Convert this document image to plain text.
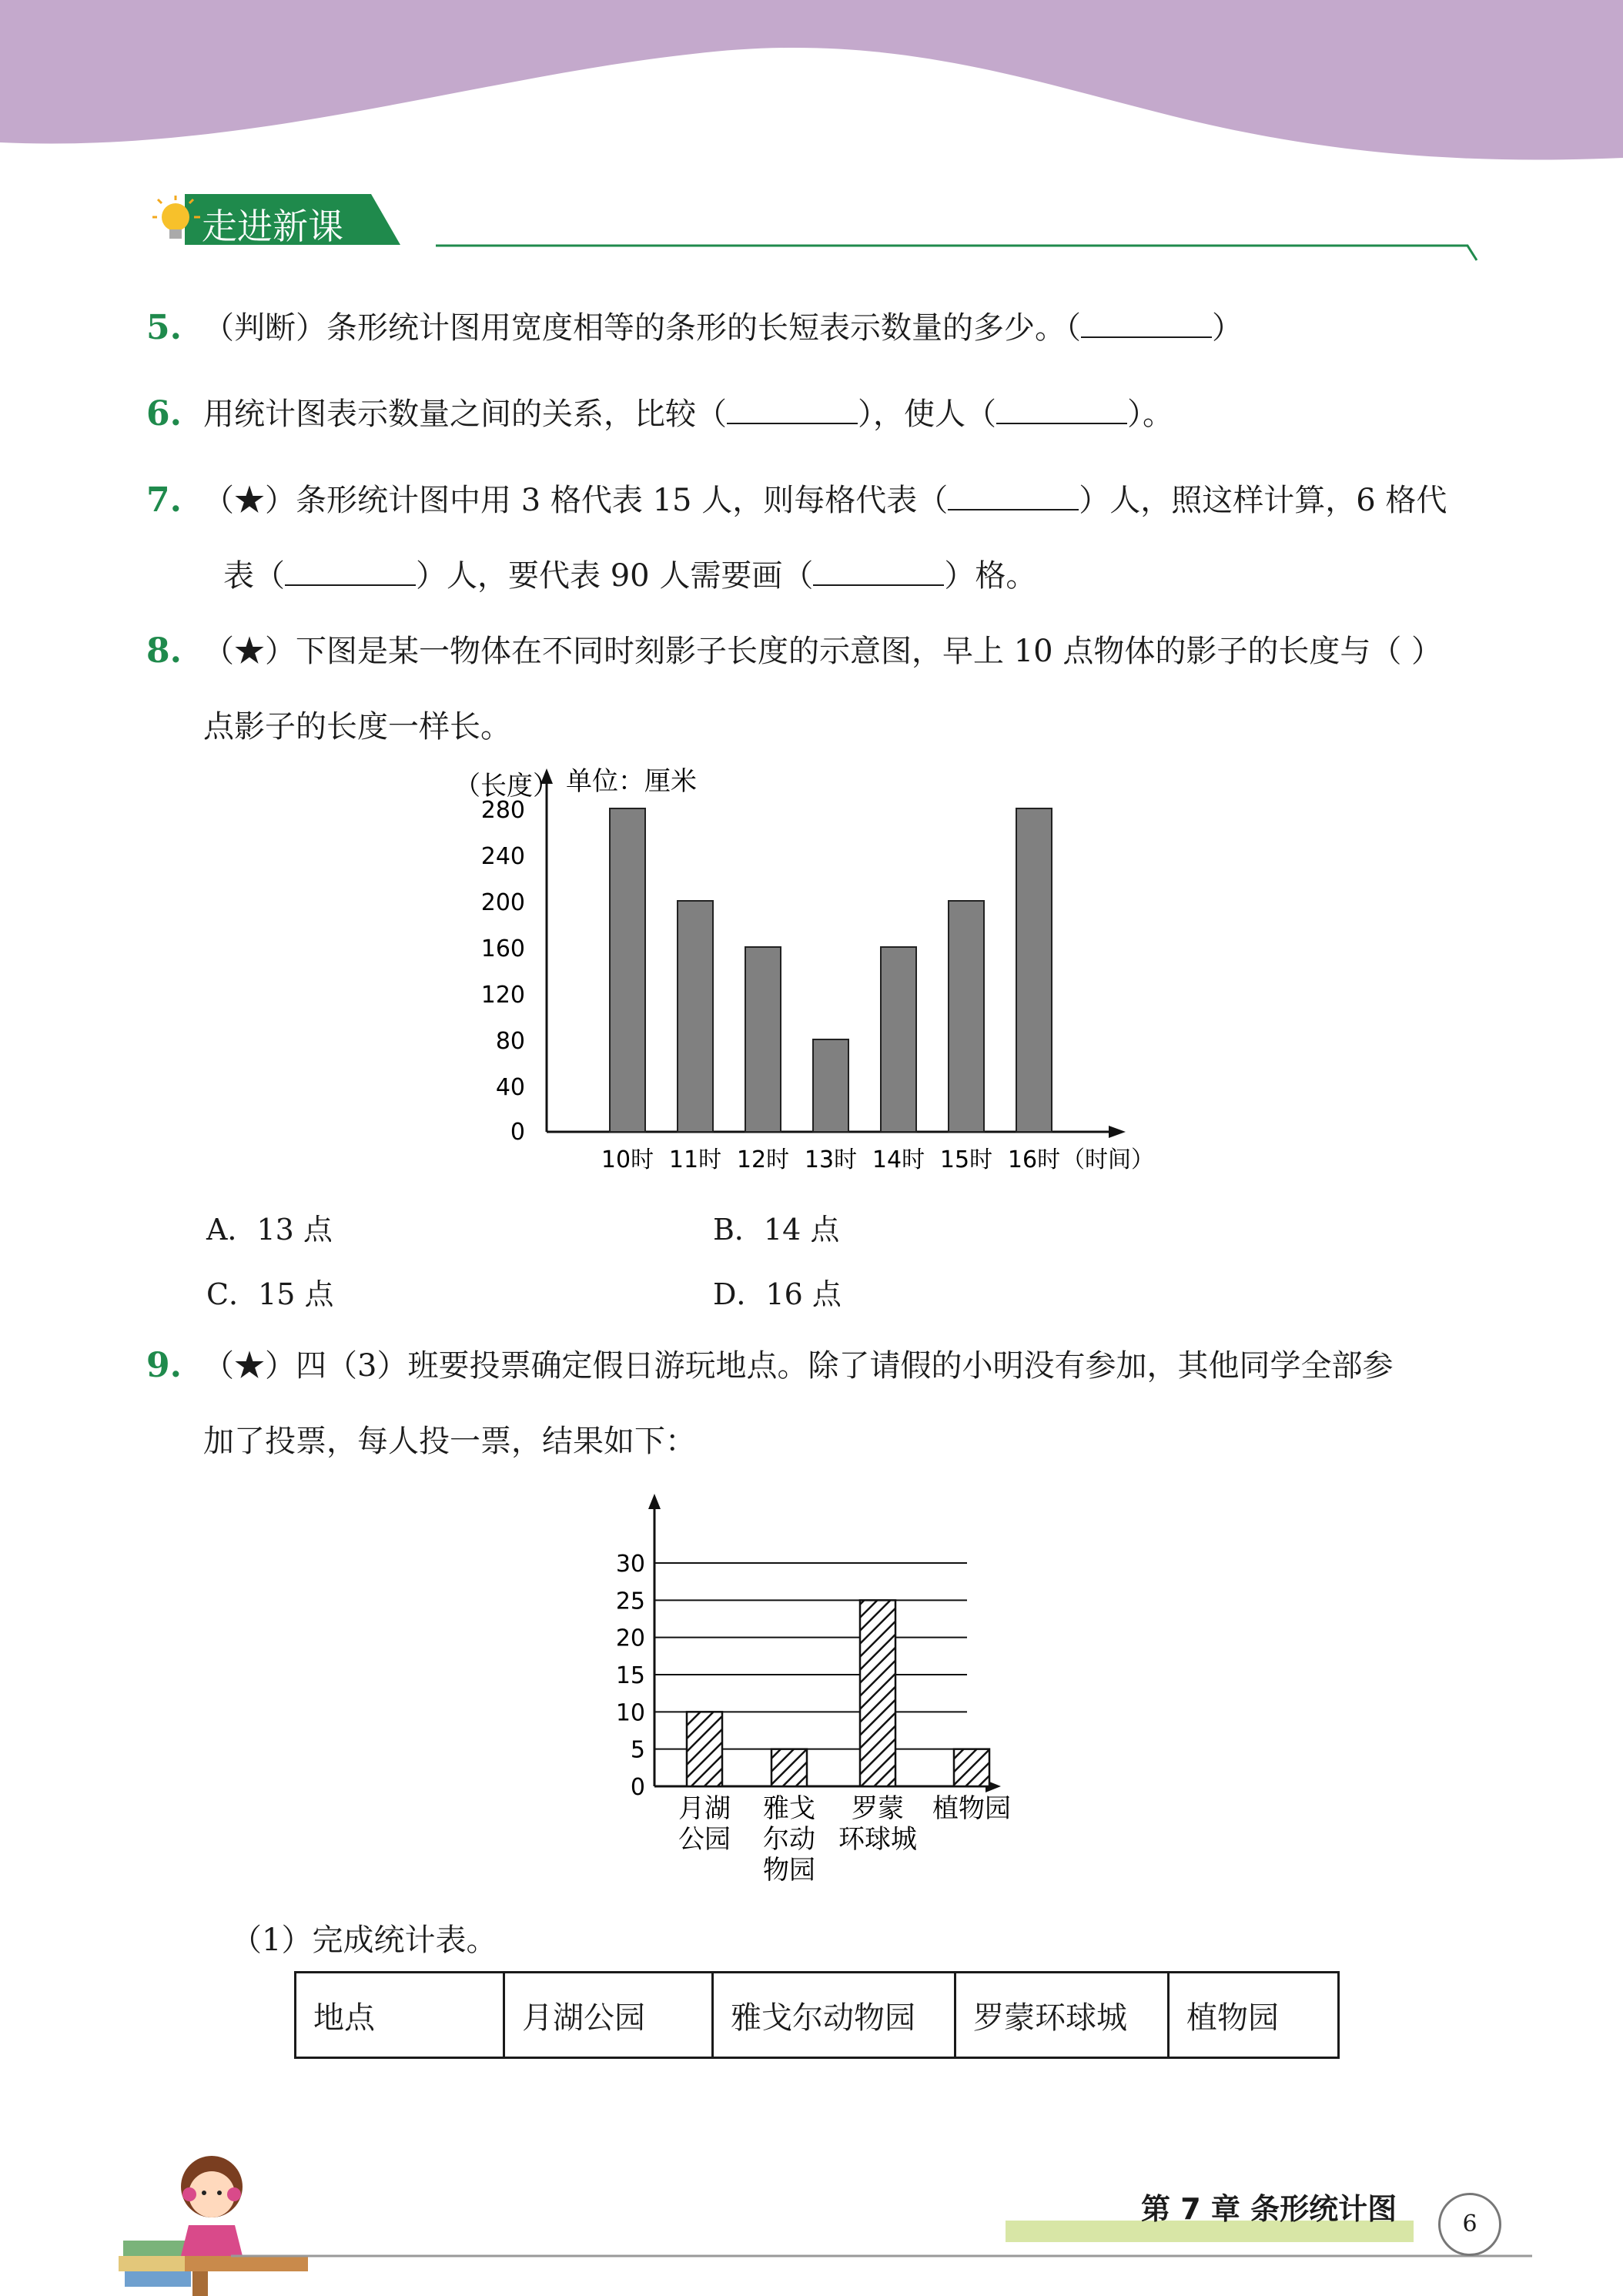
走进新课
5. （判断）条形统计图用宽度相等的条形的长短表示数量的多少。（	）
6. 用统计图表示数量之间的关系，比较（	），使人（	）。
7. （★）条形统计图中用 3 格代表 15 人，则每格代表（	）人，照这样计算，6 格代
表（	）人，要代表 90 人需要画（	）格。
8. （★）下图是某一物体在不同时刻影子长度的示意图，早上 10 点物体的影子的长度与（ ）
点影子的长度一样长。
（长度） 单位：厘米
0
40
80
120
160
200
240
280
10时 11时 12时 13时 14时 15时 16时 （时间）
A．13 点	B．14 点
C．15 点	D．16 点
9. （★）四（3）班要投票确定假日游玩地点。除了请假的小明没有参加，其他同学全部参
加了投票，每人投一票，结果如下：
0
5
10
15
20
25
30
月湖
公园
雅戈
尔动
物园
罗蒙
环球城
植物园
（1）完成统计表。
地点	月湖公园	雅戈尔动物园	罗蒙环球城	植物园
第 7 章 条形统计图	6
